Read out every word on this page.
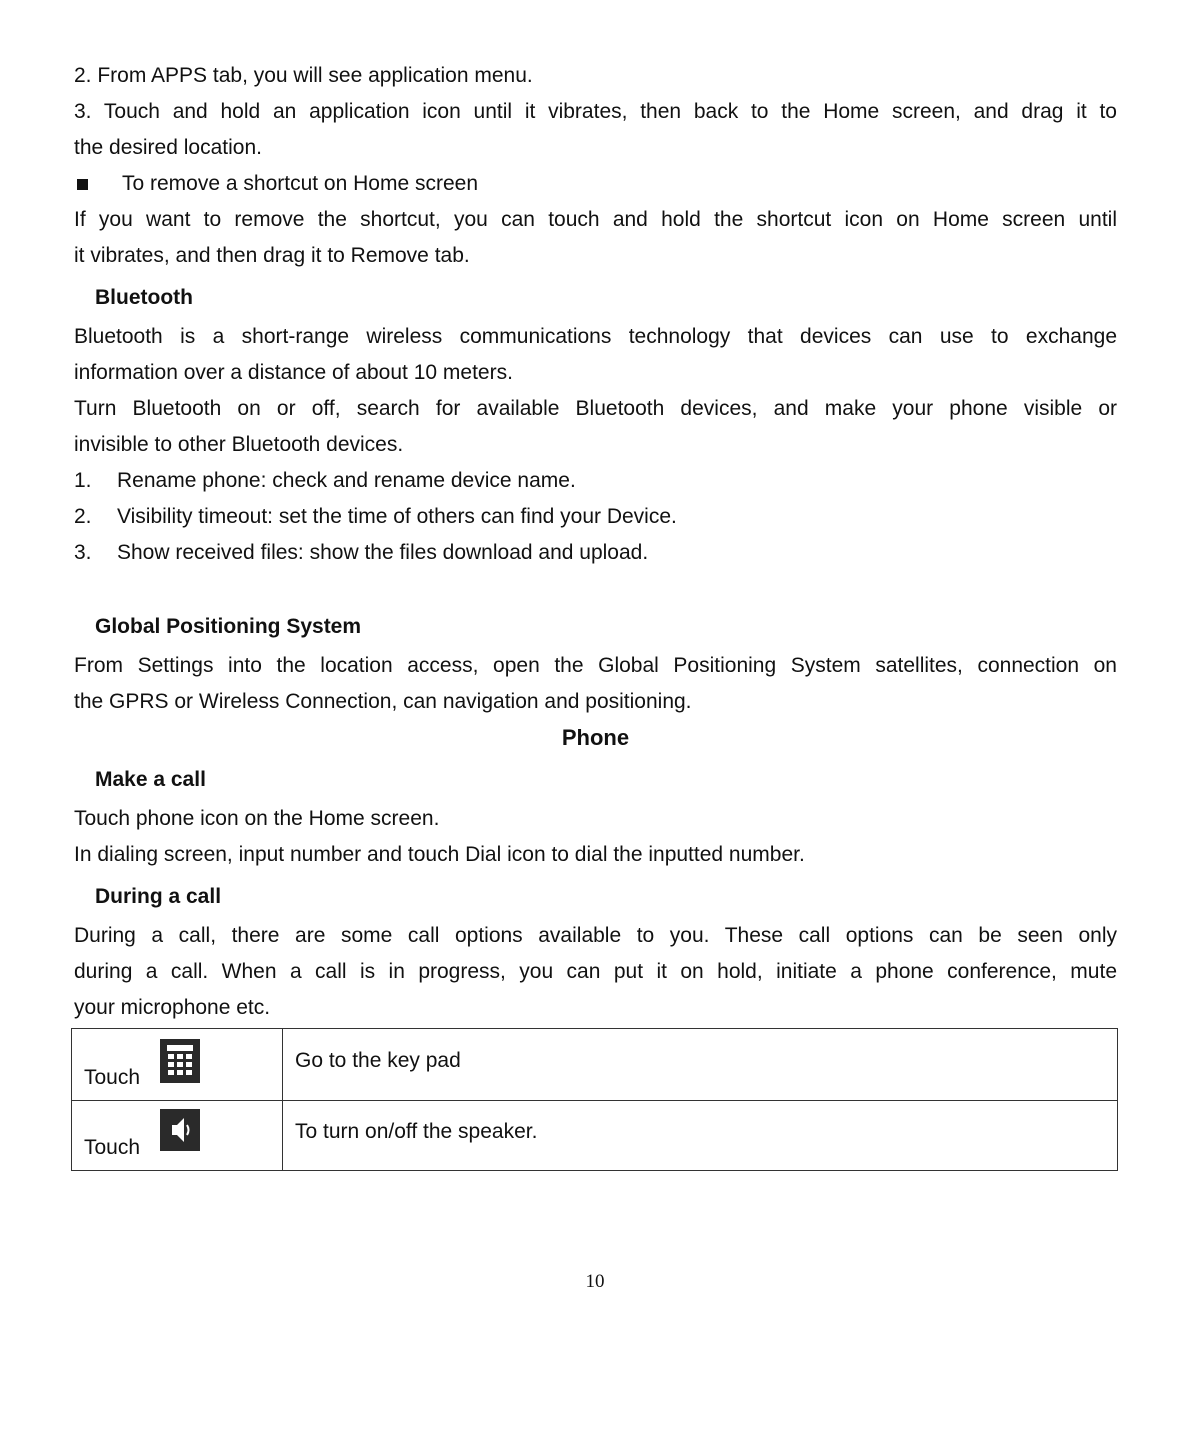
2. From APPS tab, you will see application menu.
3. Touch and hold an application icon until it vibrates, then back to the Home screen, and drag it to
the desired location.
To remove a shortcut on Home screen
If you want to remove the shortcut, you can touch and hold the shortcut icon on Home screen until
it vibrates, and then drag it to Remove tab.
Bluetooth
Bluetooth is a short-range wireless communications technology that devices can use to exchange
information over a distance of about 10 meters.
Turn Bluetooth on or off, search for available Bluetooth devices, and make your phone visible or
invisible to other Bluetooth devices.
1. Rename phone: check and rename device name.
2. Visibility timeout: set the time of others can find your Device.
3. Show received files: show the files download and upload.
Global Positioning System
From Settings into the location access, open the Global Positioning System satellites, connection on
the GPRS or Wireless Connection, can navigation and positioning.
Phone
Make a call
Touch phone icon on the Home screen.
In dialing screen, input number and touch Dial icon to dial the inputted number.
During a call
During a call, there are some call options available to you. These call options can be seen only
during a call. When a call is in progress, you can put it on hold, initiate a phone conference, mute
your microphone etc.
Touch	Go to the key pad

Touch	To turn on/off the speaker.
10
